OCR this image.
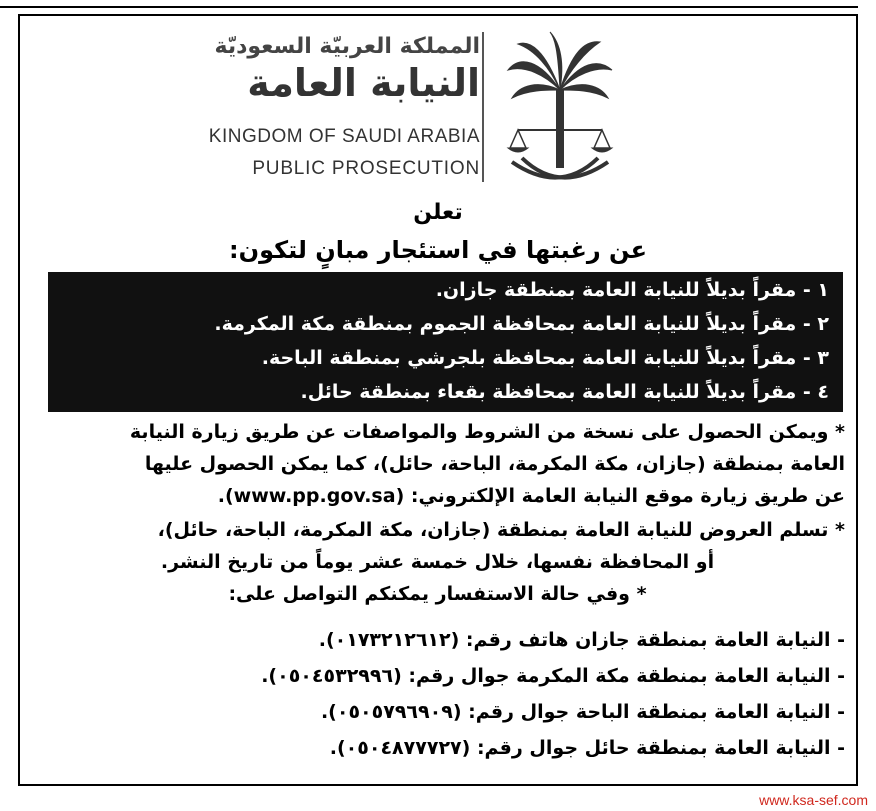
المملكة العربيّة السعوديّة
النيابة العامة
KINGDOM OF SAUDI ARABIA
PUBLIC PROSECUTION
تعلن
عن رغبتها في استئجار مبانٍ لتكون:
١ - مقراً بديلاً للنيابة العامة بمنطقة جازان.
٢ - مقراً بديلاً للنيابة العامة بمحافظة الجموم بمنطقة مكة المكرمة.
٣ - مقراً بديلاً للنيابة العامة بمحافظة بلجرشي بمنطقة الباحة.
٤ - مقراً بديلاً للنيابة العامة بمحافظة بقعاء بمنطقة حائل.
* ويمكن الحصول على نسخة من الشروط والمواصفات عن طريق زيارة النيابة
العامة بمنطقة (جازان، مكة المكرمة، الباحة، حائل)، كما يمكن الحصول عليها
عن طريق زيارة موقع النيابة العامة الإلكتروني: (www.pp.gov.sa).
* تسلم العروض للنيابة العامة بمنطقة (جازان، مكة المكرمة، الباحة، حائل)،
أو المحافظة نفسها، خلال خمسة عشر يوماً من تاريخ النشر.
* وفي حالة الاستفسار يمكنكم التواصل على:
- النيابة العامة بمنطقة جازان هاتف رقم: (٠١٧٣٢١٢٦١٢).
- النيابة العامة بمنطقة مكة المكرمة جوال رقم: (٠٥٠٤٥٣٢٩٩٦).
- النيابة العامة بمنطقة الباحة جوال رقم: (٠٥٠٥٧٩٦٩٠٩).
- النيابة العامة بمنطقة حائل جوال رقم: (٠٥٠٤٨٧٧٧٢٧).
www.ksa-sef.com
